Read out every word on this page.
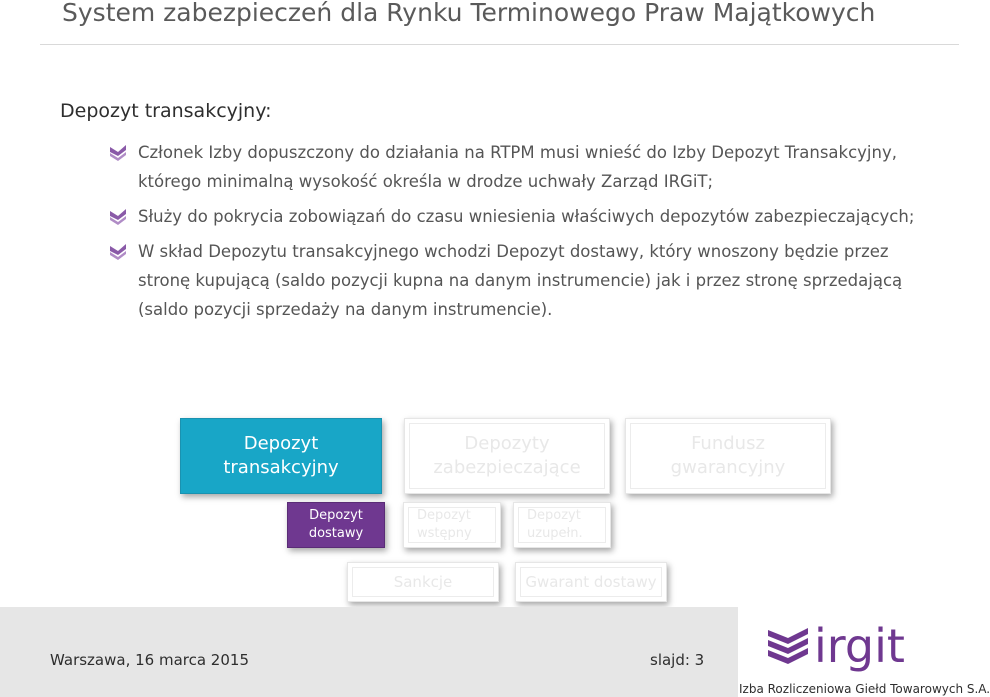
System zabezpieczeń dla Rynku Terminowego Praw Majątkowych
Depozyt transakcyjny:
Członek Izby dopuszczony do działania na RTPM musi wnieść do Izby Depozyt Transakcyjny, którego minimalną wysokość określa w drodze uchwały Zarząd IRGiT;
Służy do pokrycia zobowiązań do czasu wniesienia właściwych depozytów zabezpieczających;
W skład Depozytu transakcyjnego wchodzi Depozyt dostawy, który wnoszony będzie przez stronę kupującą (saldo pozycji kupna na danym instrumencie) jak i przez stronę sprzedającą (saldo pozycji sprzedaży na danym instrumencie).
Depozyt transakcyjny
Depozyty zabezpieczające
Fundusz gwarancyjny
Depozyt dostawy
Depozyt wstępny
Depozyt uzupełn.
Sankcje	Gwarant dostawy
Warszawa, 16 marca 2015	slajd: 3 irgit
Izba Rozliczeniowa Giełd Towarowych S.A.
